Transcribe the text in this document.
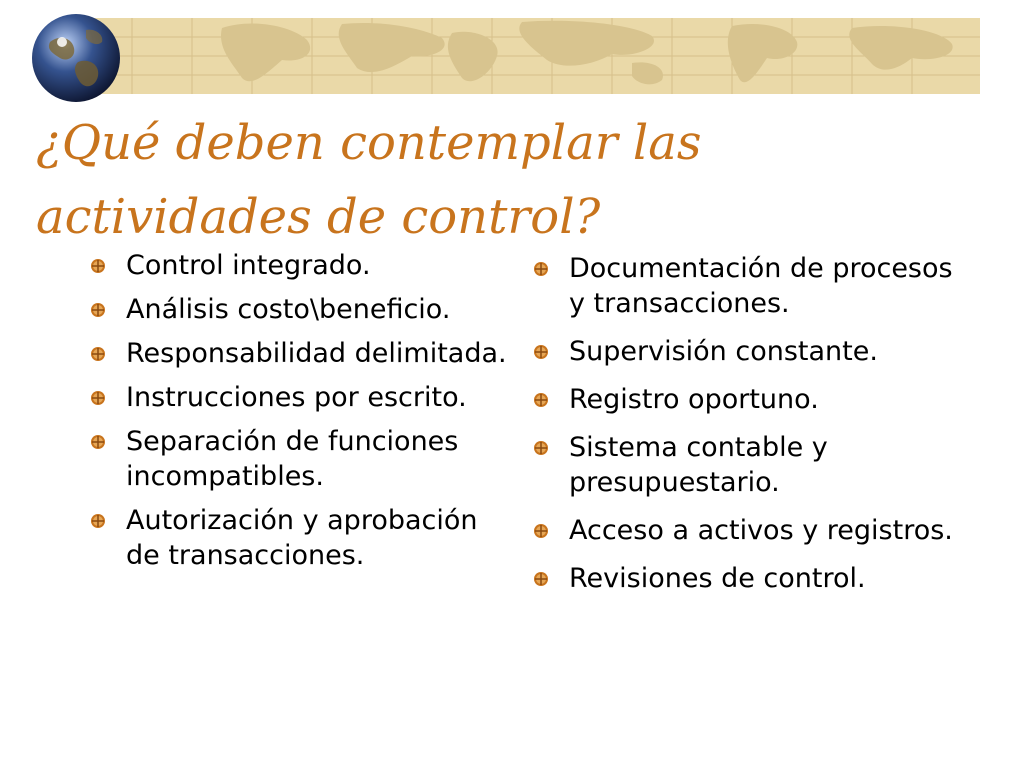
¿Qué deben contemplar las
actividades de control?
Control integrado.
Análisis costo\beneficio.
Responsabilidad delimitada.
Instrucciones por escrito.
Separación de funciones incompatibles.
Autorización y aprobación de transacciones.
Documentación de procesos y transacciones.
Supervisión constante.
Registro oportuno.
Sistema contable y presupuestario.
Acceso a activos y registros.
Revisiones de control.
